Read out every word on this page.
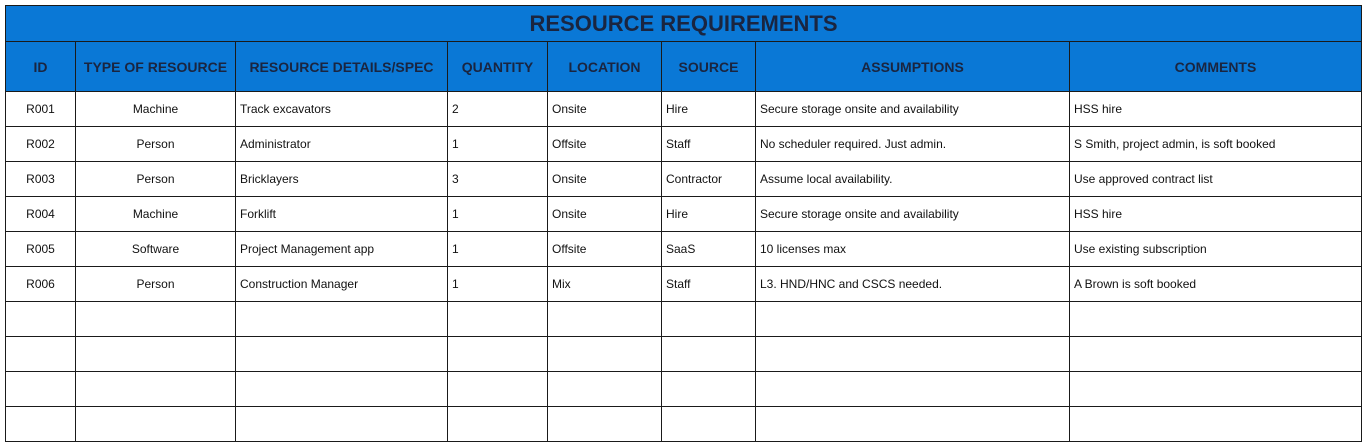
RESOURCE REQUIREMENTS							
ID	TYPE OF RESOURCE	RESOURCE DETAILS/SPEC	QUANTITY	LOCATION	SOURCE	ASSUMPTIONS	COMMENTS
R001	Machine	Track excavators	2	Onsite	Hire	Secure storage onsite and availability	HSS hire
R002	Person	Administrator	1	Offsite	Staff	No scheduler required. Just admin.	S Smith, project admin, is soft booked
R003	Person	Bricklayers	3	Onsite	Contractor	Assume local availability.	Use approved contract list
R004	Machine	Forklift	1	Onsite	Hire	Secure storage onsite and availability	HSS hire
R005	Software	Project Management app	1	Offsite	SaaS	10 licenses max	Use existing subscription
R006	Person	Construction Manager	1	Mix	Staff	L3. HND/HNC and CSCS needed.	A Brown is soft booked
